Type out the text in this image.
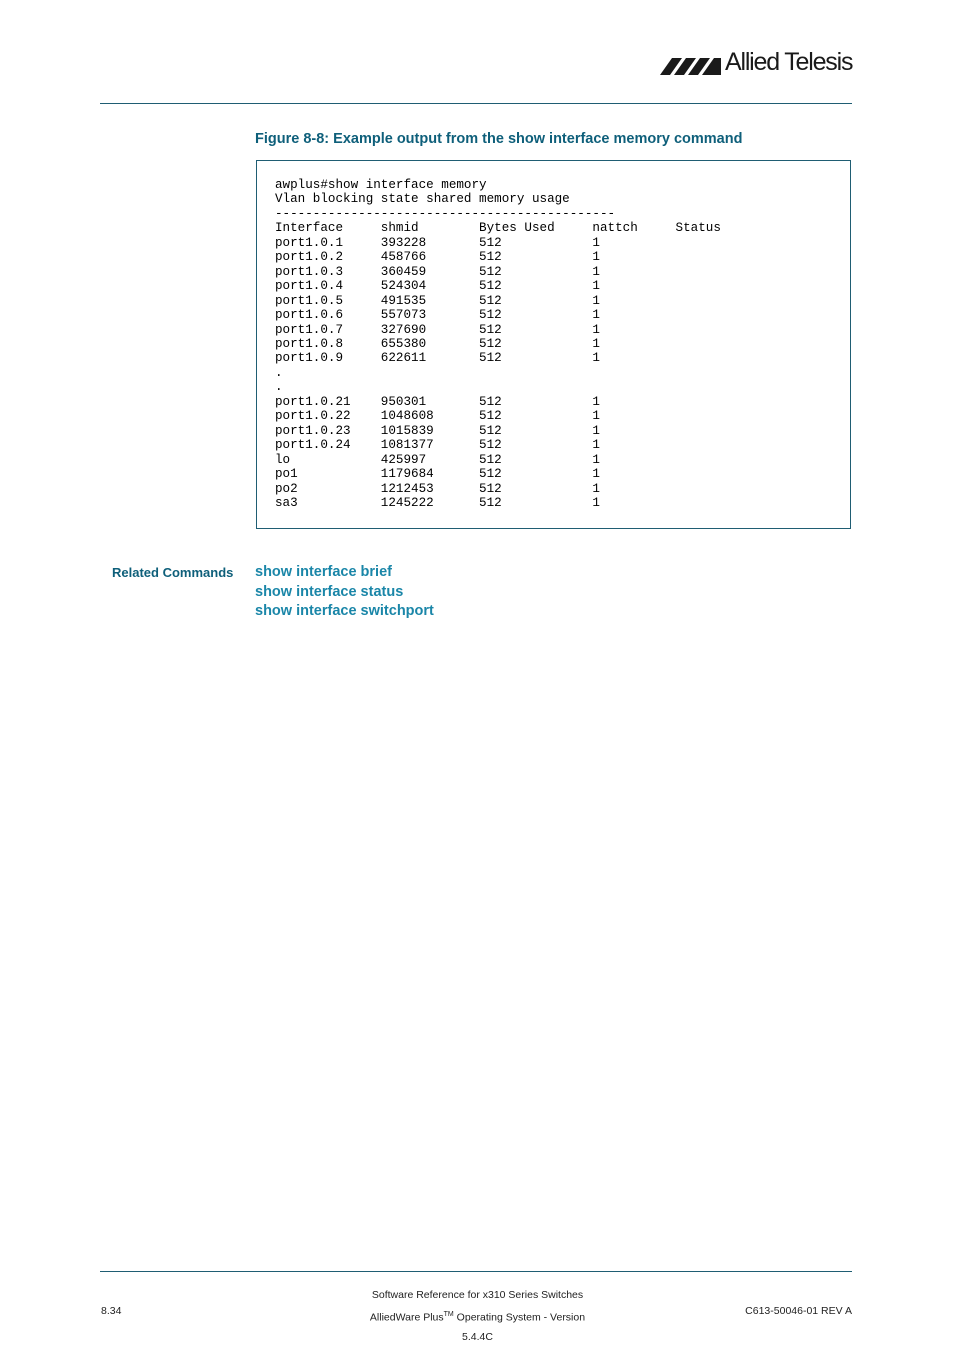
Allied Telesis
Figure 8-8: Example output from the show interface memory command
awplus#show interface memory
Vlan blocking state shared memory usage
---------------------------------------------
Interface     shmid        Bytes Used     nattch     Status
port1.0.1     393228       512            1
port1.0.2     458766       512            1
port1.0.3     360459       512            1
port1.0.4     524304       512            1
port1.0.5     491535       512            1
port1.0.6     557073       512            1
port1.0.7     327690       512            1
port1.0.8     655380       512            1
port1.0.9     622611       512            1
.
.
port1.0.21    950301       512            1
port1.0.22    1048608      512            1
port1.0.23    1015839      512            1
port1.0.24    1081377      512            1
lo            425997       512            1
po1           1179684      512            1
po2           1212453      512            1
sa3           1245222      512            1
Related Commands show interface brief
show interface status
show interface switchport
8.34
Software Reference for x310 Series Switches
AlliedWare Plus™ Operating System - Version 5.4.4C
C613-50046-01 REV A
